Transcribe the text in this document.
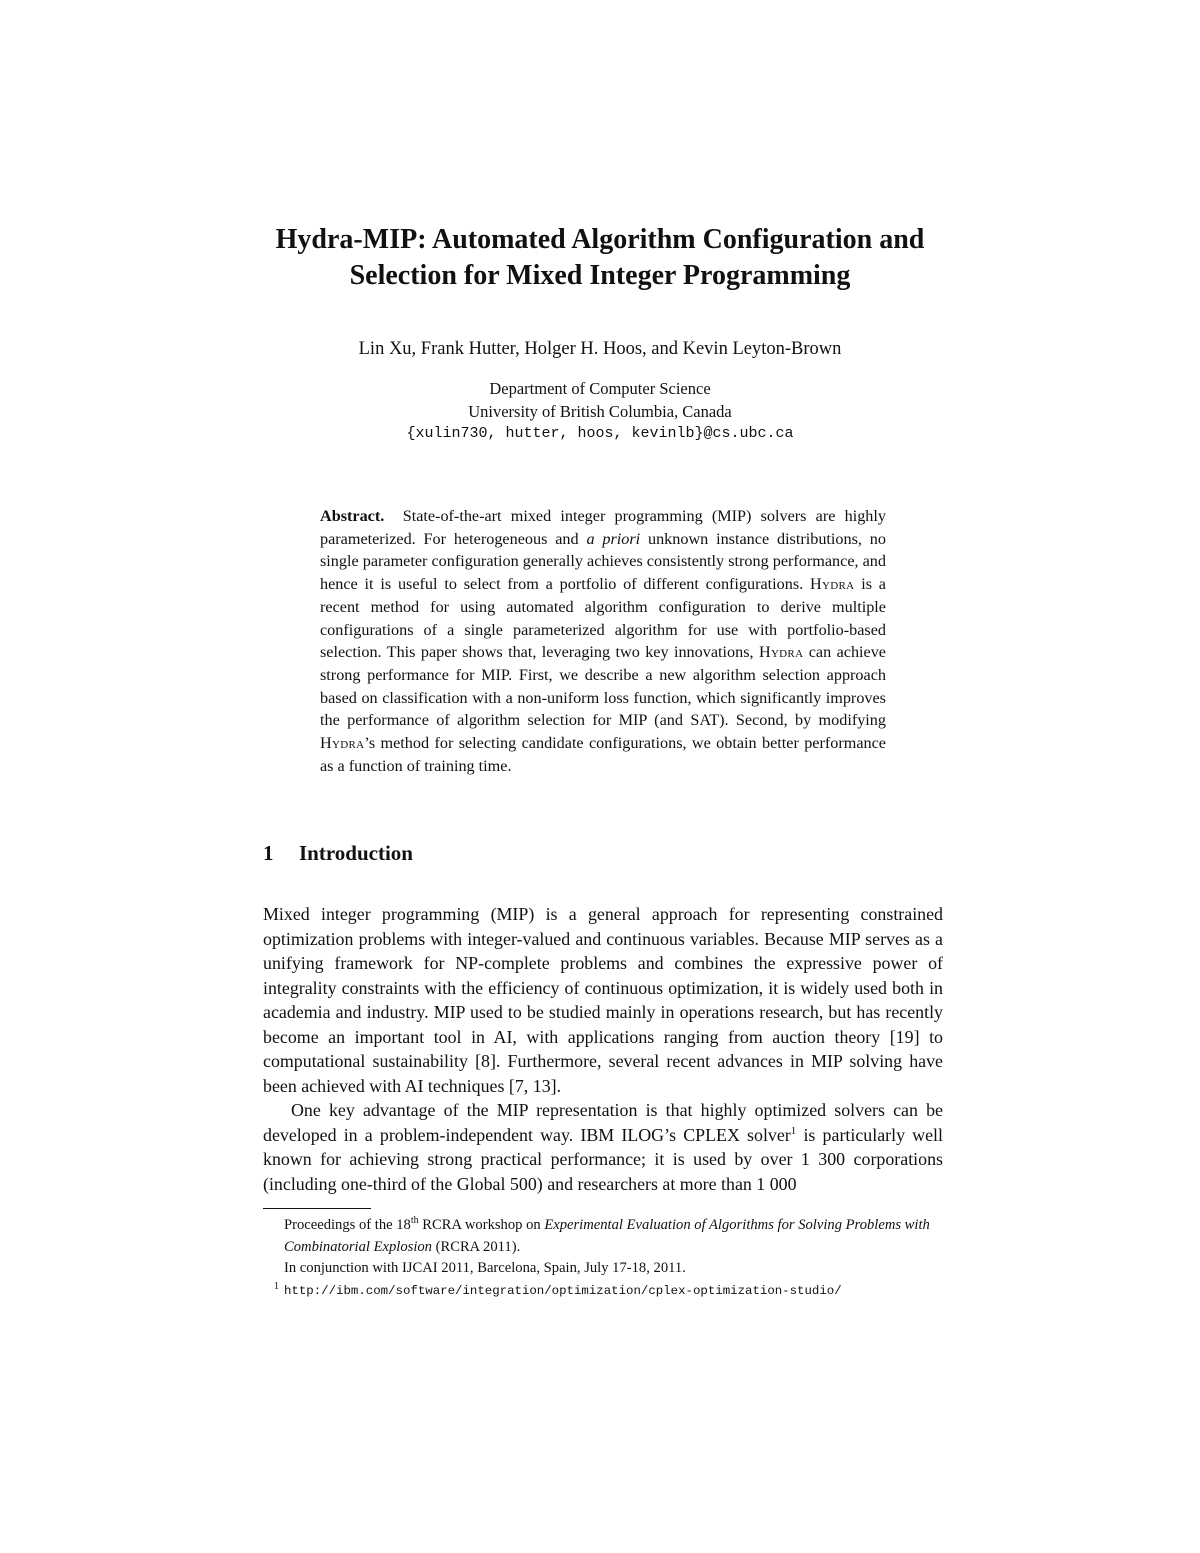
Hydra-MIP: Automated Algorithm Configuration and
Selection for Mixed Integer Programming
Lin Xu, Frank Hutter, Holger H. Hoos, and Kevin Leyton-Brown
Department of Computer Science
University of British Columbia, Canada
{xulin730, hutter, hoos, kevinlb}@cs.ubc.ca

Abstract. State-of-the-art mixed integer programming (MIP) solvers are highly parameterized. For heterogeneous and a priori unknown instance distributions, no single parameter configuration generally achieves consistently strong performance, and hence it is useful to select from a portfolio of different configurations. Hydra is a recent method for using automated algorithm configuration to derive multiple configurations of a single parameterized algorithm for use with portfolio-based selection. This paper shows that, leveraging two key innovations, Hydra can achieve strong performance for MIP. First, we describe a new algorithm selection approach based on classification with a non-uniform loss function, which significantly improves the performance of algorithm selection for MIP (and SAT). Second, by modifying Hydra’s method for selecting candidate configurations, we obtain better performance as a function of training time.

1 Introduction

Mixed integer programming (MIP) is a general approach for representing constrained optimization problems with integer-valued and continuous variables. Because MIP serves as a unifying framework for NP-complete problems and combines the expressive power of integrality constraints with the efficiency of continuous optimization, it is widely used both in academia and industry. MIP used to be studied mainly in operations research, but has recently become an important tool in AI, with applications ranging from auction theory [19] to computational sustainability [8]. Furthermore, several recent advances in MIP solving have been achieved with AI techniques [7, 13].

One key advantage of the MIP representation is that highly optimized solvers can be developed in a problem-independent way. IBM ILOG’s CPLEX solver$^1$ is particularly well known for achieving strong practical performance; it is used by over 1 300 corporations (including one-third of the Global 500) and researchers at more than 1 000

Proceedings of the 18th RCRA workshop on Experimental Evaluation of Algorithms for Solving Problems with Combinatorial Explosion (RCRA 2011).
In conjunction with IJCAI 2011, Barcelona, Spain, July 17-18, 2011.
1 http://ibm.com/software/integration/optimization/cplex-optimization-studio/
